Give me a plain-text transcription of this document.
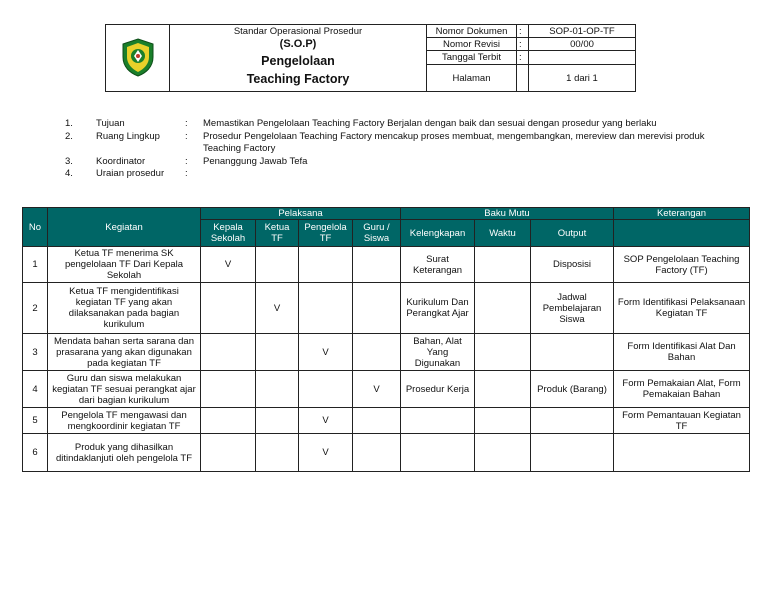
Standar Operasional Prosedur
(S.O.P)
Pengelolaan
Teaching Factory	Nomor Dokumen	:	SOP-01-OP-TF
		Nomor Revisi	:	00/00
		Tanggal Terbit	:	
		Halaman		1 dari 1
1.	Tujuan	:	Memastikan Pengelolaan Teaching Factory Berjalan dengan baik dan sesuai dengan prosedur yang berlaku
2.	Ruang Lingkup	:	Prosedur Pengelolaan Teaching Factory mencakup proses membuat, mengembangkan, mereview dan merevisi produk Teaching Factory
3.	Koordinator	:	Penanggung Jawab Tefa
4.	Uraian prosedur	:
No	Kegiatan	Pelaksana				Baku Mutu			Keterangan
		Kepala Sekolah	Ketua TF	Pengelola TF	Guru / Siswa	Kelengkapan	Waktu	Output	
1	Ketua TF menerima SK pengelolaan TF Dari Kepala Sekolah	V				Surat Keterangan		Disposisi	SOP Pengelolaan Teaching Factory (TF)
2	Ketua TF mengidentifikasi kegiatan TF yang akan dilaksanakan pada bagian kurikulum		V			Kurikulum Dan Perangkat Ajar		Jadwal Pembelajaran Siswa	Form Identifikasi Pelaksanaan Kegiatan TF
3	Mendata bahan serta sarana dan prasarana yang akan digunakan pada kegiatan TF			V		Bahan, Alat Yang Digunakan			Form Identifikasi Alat Dan Bahan
4	Guru dan siswa melakukan kegiatan TF sesuai perangkat ajar dari bagian kurikulum				V	Prosedur Kerja		Produk (Barang)	Form Pemakaian Alat, Form Pemakaian Bahan
5	Pengelola TF mengawasi dan mengkoordinir kegiatan TF			V					Form Pemantauan Kegiatan TF
6	Produk yang dihasilkan ditindaklanjuti oleh pengelola TF			V					
